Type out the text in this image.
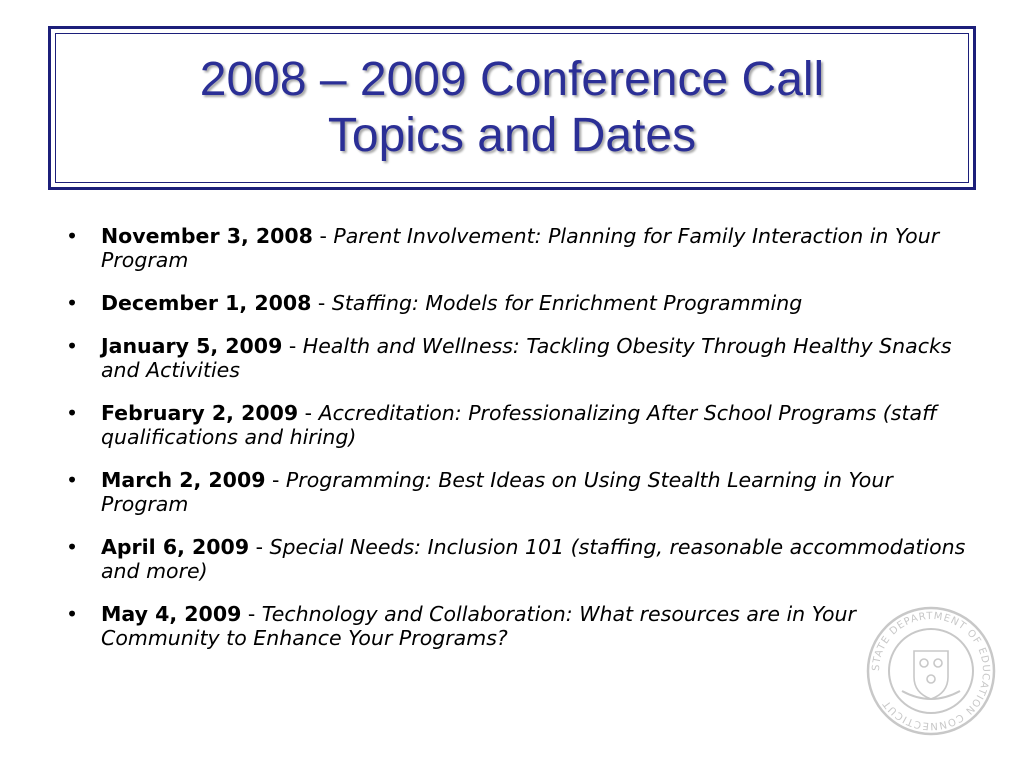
2008 – 2009 Conference Call
Topics and Dates
• November 3, 2008 - Parent Involvement: Planning for Family Interaction in Your Program
• December 1, 2008 - Staffing: Models for Enrichment Programming
• January 5, 2009 - Health and Wellness: Tackling Obesity Through Healthy Snacks and Activities
• February 2, 2009 - Accreditation: Professionalizing After School Programs (staff qualifications and hiring)
• March 2, 2009 - Programming: Best Ideas on Using Stealth Learning in Your Program
• April 6, 2009 - Special Needs: Inclusion 101 (staffing, reasonable accommodations and more)
• May 4, 2009 - Technology and Collaboration: What resources are in Your Community to Enhance Your Programs?
STATE DEPARTMENT OF EDUCATION CONNECTICUT
